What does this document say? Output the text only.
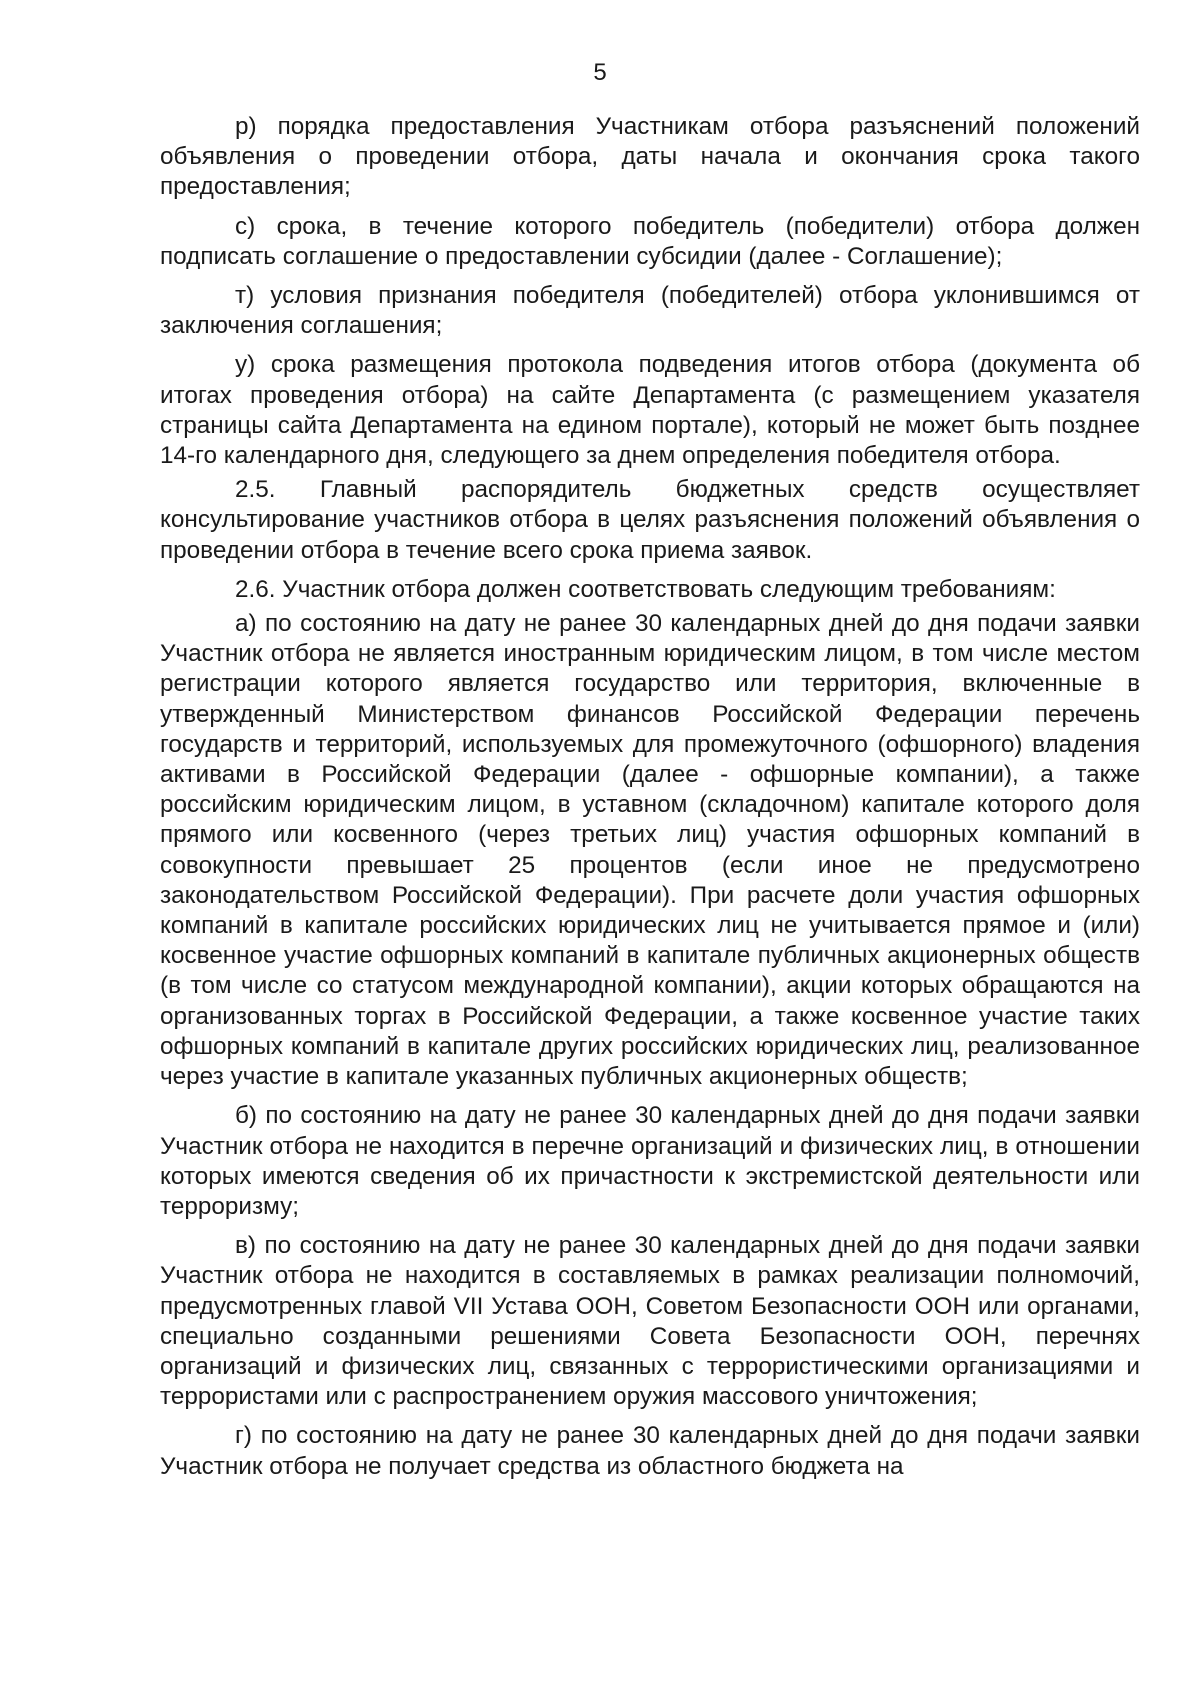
5

р) порядка предоставления Участникам отбора разъяснений положений объявления о проведении отбора, даты начала и окончания срока такого предоставления;

с) срока, в течение которого победитель (победители) отбора должен подписать соглашение о предоставлении субсидии (далее - Соглашение);

т) условия признания победителя (победителей) отбора уклонившимся от заключения соглашения;

у) срока размещения протокола подведения итогов отбора (документа об итогах проведения отбора) на сайте Департамента (с размещением указателя страницы сайта Департамента на едином портале), который не может быть позднее 14-го календарного дня, следующего за днем определения победителя отбора.

2.5. Главный распорядитель бюджетных средств осуществляет консультирование участников отбора в целях разъяснения положений объявления о проведении отбора в течение всего срока приема заявок.

2.6. Участник отбора должен соответствовать следующим требованиям:

а) по состоянию на дату не ранее 30 календарных дней до дня подачи заявки Участник отбора не является иностранным юридическим лицом, в том числе местом регистрации которого является государство или территория, включенные в утвержденный Министерством финансов Российской Федерации перечень государств и территорий, используемых для промежуточного (офшорного) владения активами в Российской Федерации (далее - офшорные компании), а также российским юридическим лицом, в уставном (складочном) капитале которого доля прямого или косвенного (через третьих лиц) участия офшорных компаний в совокупности превышает 25 процентов (если иное не предусмотрено законодательством Российской Федерации). При расчете доли участия офшорных компаний в капитале российских юридических лиц не учитывается прямое и (или) косвенное участие офшорных компаний в капитале публичных акционерных обществ (в том числе со статусом международной компании), акции которых обращаются на организованных торгах в Российской Федерации, а также косвенное участие таких офшорных компаний в капитале других российских юридических лиц, реализованное через участие в капитале указанных публичных акционерных обществ;

б) по состоянию на дату не ранее 30 календарных дней до дня подачи заявки Участник отбора не находится в перечне организаций и физических лиц, в отношении которых имеются сведения об их причастности к экстремистской деятельности или терроризму;

в) по состоянию на дату не ранее 30 календарных дней до дня подачи заявки Участник отбора не находится в составляемых в рамках реализации полномочий, предусмотренных главой VII Устава ООН, Советом Безопасности ООН или органами, специально созданными решениями Совета Безопасности ООН, перечнях организаций и физических лиц, связанных с террористическими организациями и террористами или с распространением оружия массового уничтожения;

г) по состоянию на дату не ранее 30 календарных дней до дня подачи заявки Участник отбора не получает средства из областного бюджета на
